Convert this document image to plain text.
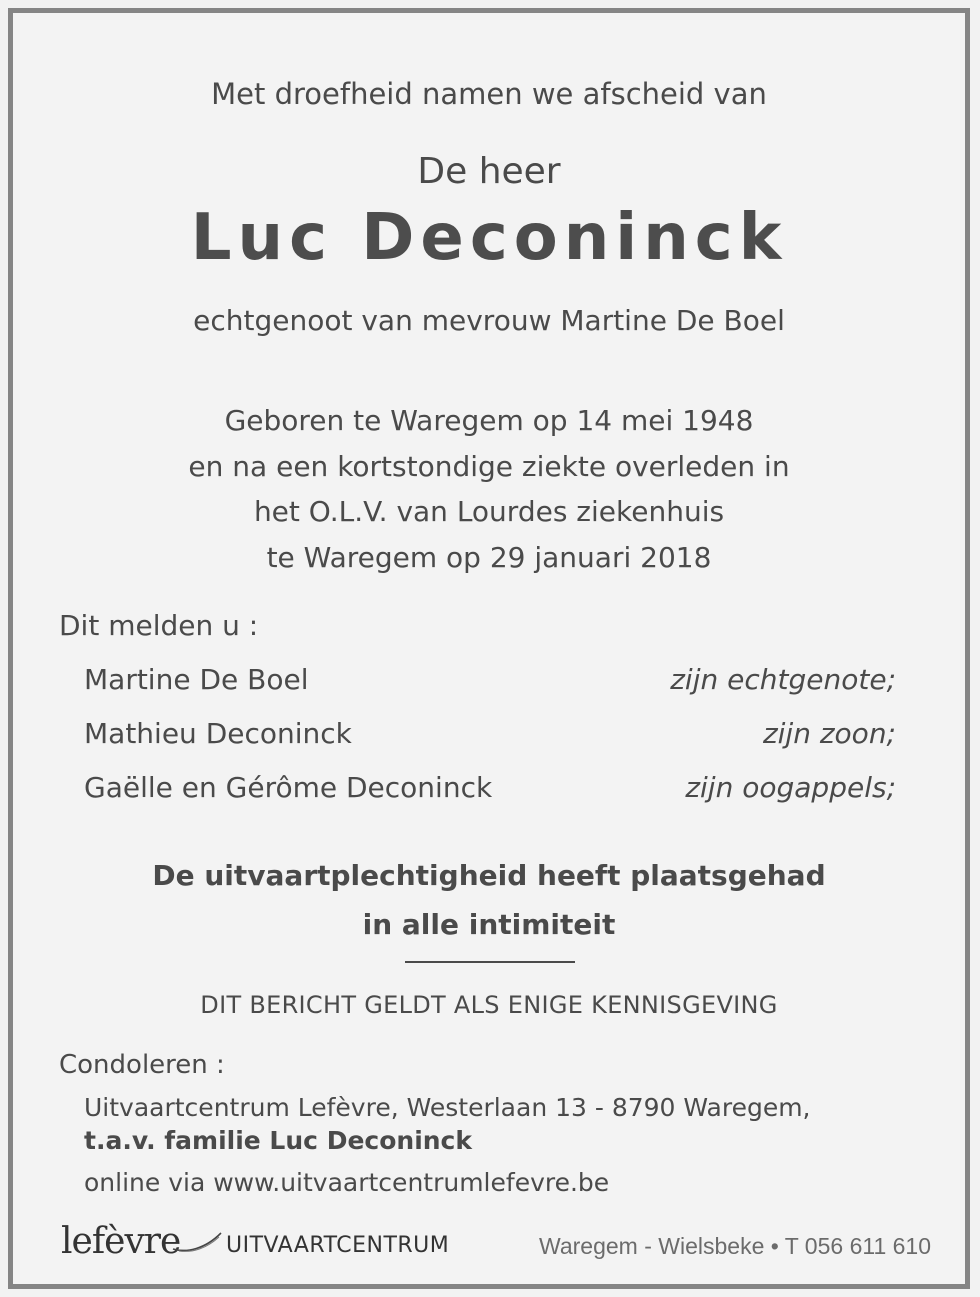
Met droefheid namen we afscheid van
De heer
Luc Deconinck
echtgenoot van mevrouw Martine De Boel
Geboren te Waregem op 14 mei 1948
en na een kortstondige ziekte overleden in
het O.L.V. van Lourdes ziekenhuis
te Waregem op 29 januari 2018
Dit melden u :
Martine De Boel	zijn echtgenote;
Mathieu Deconinck	zijn zoon;
Gaëlle en Gérôme Deconinck	zijn oogappels;
De uitvaartplechtigheid heeft plaatsgehad
in alle intimiteit
DIT BERICHT GELDT ALS ENIGE KENNISGEVING
Condoleren :
Uitvaartcentrum Lefèvre, Westerlaan 13 - 8790 Waregem,
t.a.v. familie Luc Deconinck
online via www.uitvaartcentrumlefevre.be
lefèvre UITVAARTCENTRUM	Waregem - Wielsbeke • T 056 611 610
